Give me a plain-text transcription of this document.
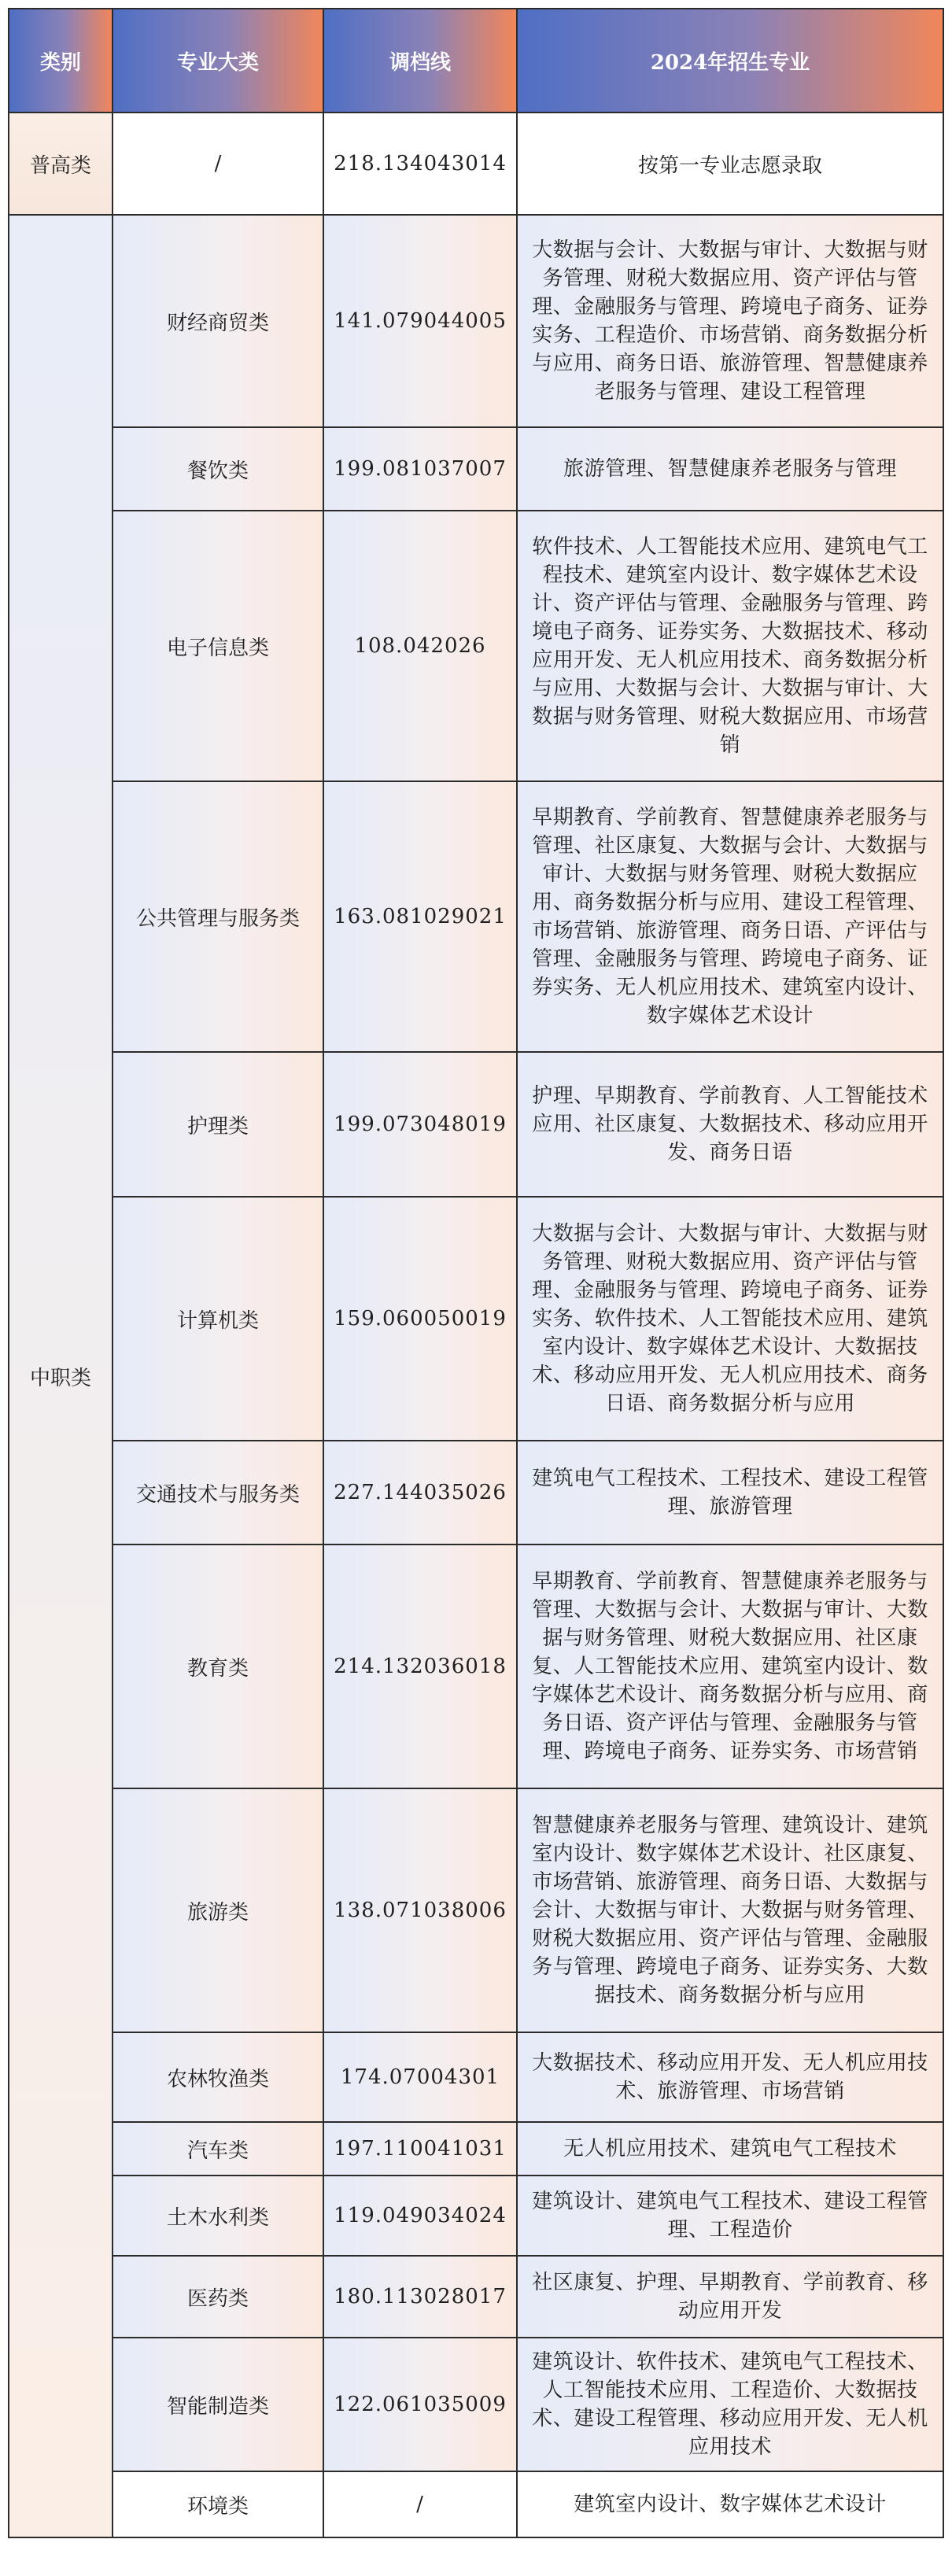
类别	专业大类	调档线	2024年招生专业
普高类	/	218.134043014	按第一专业志愿录取
中职类	财经商贸类	141.079044005	大数据与会计、大数据与审计、大数据与财务管理、财税大数据应用、资产评估与管理、金融服务与管理、跨境电子商务、证券实务、工程造价、市场营销、商务数据分析与应用、商务日语、旅游管理、智慧健康养老服务与管理、建设工程管理
	餐饮类	199.081037007	旅游管理、智慧健康养老服务与管理
	电子信息类	108.042026	软件技术、人工智能技术应用、建筑电气工程技术、建筑室内设计、数字媒体艺术设计、资产评估与管理、金融服务与管理、跨境电子商务、证券实务、大数据技术、移动应用开发、无人机应用技术、商务数据分析与应用、大数据与会计、大数据与审计、大数据与财务管理、财税大数据应用、市场营销
	公共管理与服务类	163.081029021	早期教育、学前教育、智慧健康养老服务与管理、社区康复、大数据与会计、大数据与审计、大数据与财务管理、财税大数据应用、商务数据分析与应用、建设工程管理、市场营销、旅游管理、商务日语、产评估与管理、金融服务与管理、跨境电子商务、证券实务、无人机应用技术、建筑室内设计、数字媒体艺术设计
	护理类	199.073048019	护理、早期教育、学前教育、人工智能技术应用、社区康复、大数据技术、移动应用开发、商务日语
	计算机类	159.060050019	大数据与会计、大数据与审计、大数据与财务管理、财税大数据应用、资产评估与管理、金融服务与管理、跨境电子商务、证券实务、软件技术、人工智能技术应用、建筑室内设计、数字媒体艺术设计、大数据技术、移动应用开发、无人机应用技术、商务日语、商务数据分析与应用
	交通技术与服务类	227.144035026	建筑电气工程技术、工程技术、建设工程管理、旅游管理
	教育类	214.132036018	早期教育、学前教育、智慧健康养老服务与管理、大数据与会计、大数据与审计、大数据与财务管理、财税大数据应用、社区康复、人工智能技术应用、建筑室内设计、数字媒体艺术设计、商务数据分析与应用、商务日语、资产评估与管理、金融服务与管理、跨境电子商务、证券实务、市场营销
	旅游类	138.071038006	智慧健康养老服务与管理、建筑设计、建筑室内设计、数字媒体艺术设计、社区康复、市场营销、旅游管理、商务日语、大数据与会计、大数据与审计、大数据与财务管理、财税大数据应用、资产评估与管理、金融服务与管理、跨境电子商务、证券实务、大数据技术、商务数据分析与应用
	农林牧渔类	174.07004301	大数据技术、移动应用开发、无人机应用技术、旅游管理、市场营销
	汽车类	197.110041031	无人机应用技术、建筑电气工程技术
	土木水利类	119.049034024	建筑设计、建筑电气工程技术、建设工程管理、工程造价
	医药类	180.113028017	社区康复、护理、早期教育、学前教育、移动应用开发
	智能制造类	122.061035009	建筑设计、软件技术、建筑电气工程技术、人工智能技术应用、工程造价、大数据技术、建设工程管理、移动应用开发、无人机应用技术
	环境类	/	建筑室内设计、数字媒体艺术设计
